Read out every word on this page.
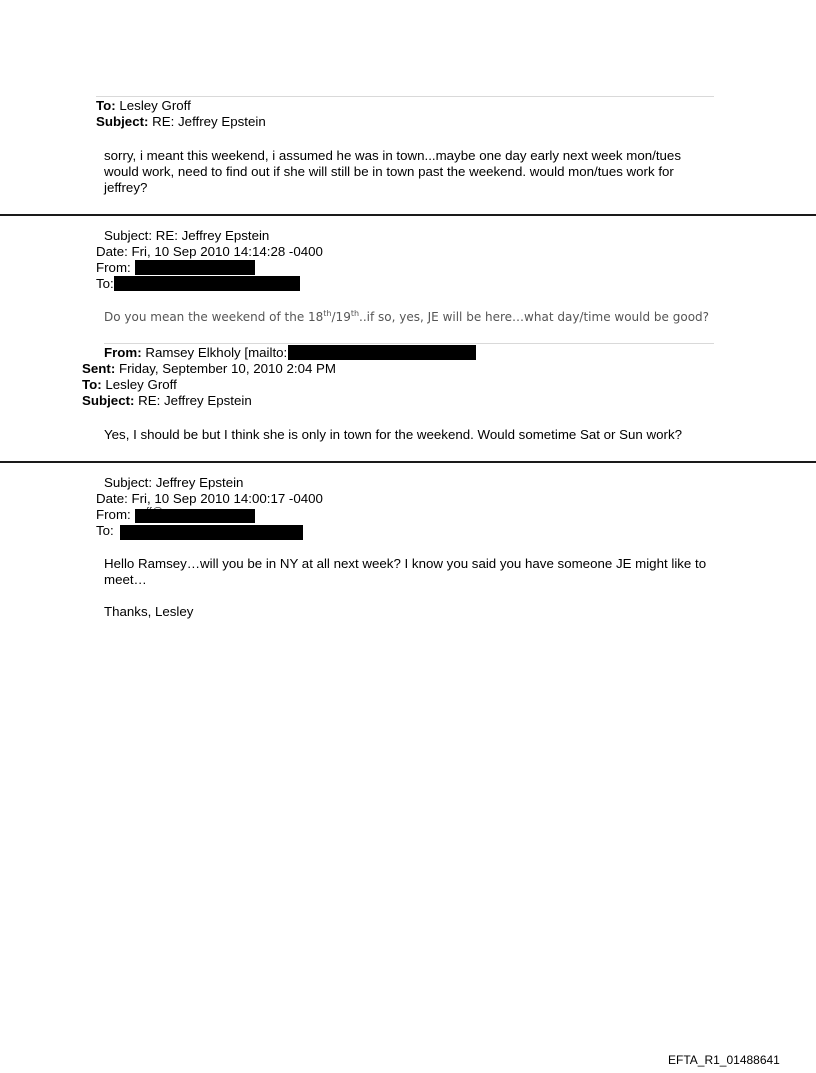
To: Lesley Groff
Subject: RE: Jeffrey Epstein
sorry, i meant this weekend, i assumed he was in town...maybe one day early next week mon/tues
would work, need to find out if she will still be in town past the weekend. would mon/tues work for
jeffrey?
Subject: RE: Jeffrey Epstein
Date: Fri, 10 Sep 2010 14:14:28 -0400
From:
To:
Do you mean the weekend of the 18th/19th..if so, yes, JE will be here…what day/time would be good?
From: Ramsey Elkholy [mailto:
Sent: Friday, September 10, 2010 2:04 PM
To: Lesley Groff
Subject: RE: Jeffrey Epstein
Yes, I should be but I think she is only in town for the weekend. Would sometime Sat or Sun work?
Subject: Jeffrey Epstein
Date: Fri, 10 Sep 2010 14:00:17 -0400
From:
To:
Hello Ramsey…will you be in NY at all next week? I know you said you have someone JE might like to
meet…
Thanks, Lesley
EFTA_R1_01488641
